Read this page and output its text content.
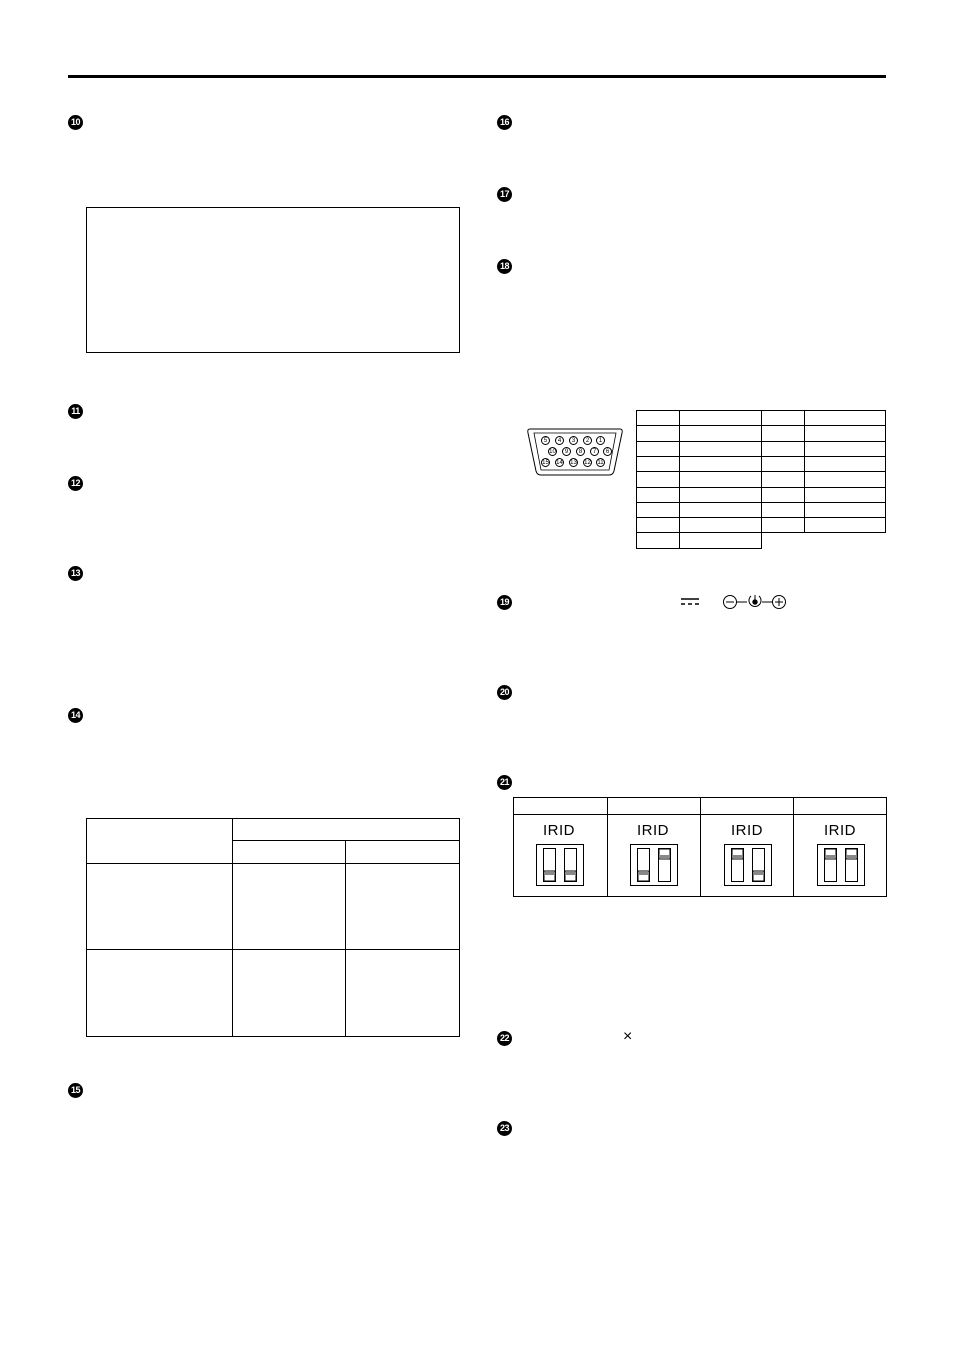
10
11
12
13
14
15
16
17
18
19
20
21
22
23
5	4	3	2	1
10	9	8	7	6
15 14 13 12 11
IRID	IRID	IRID	IRID
×
